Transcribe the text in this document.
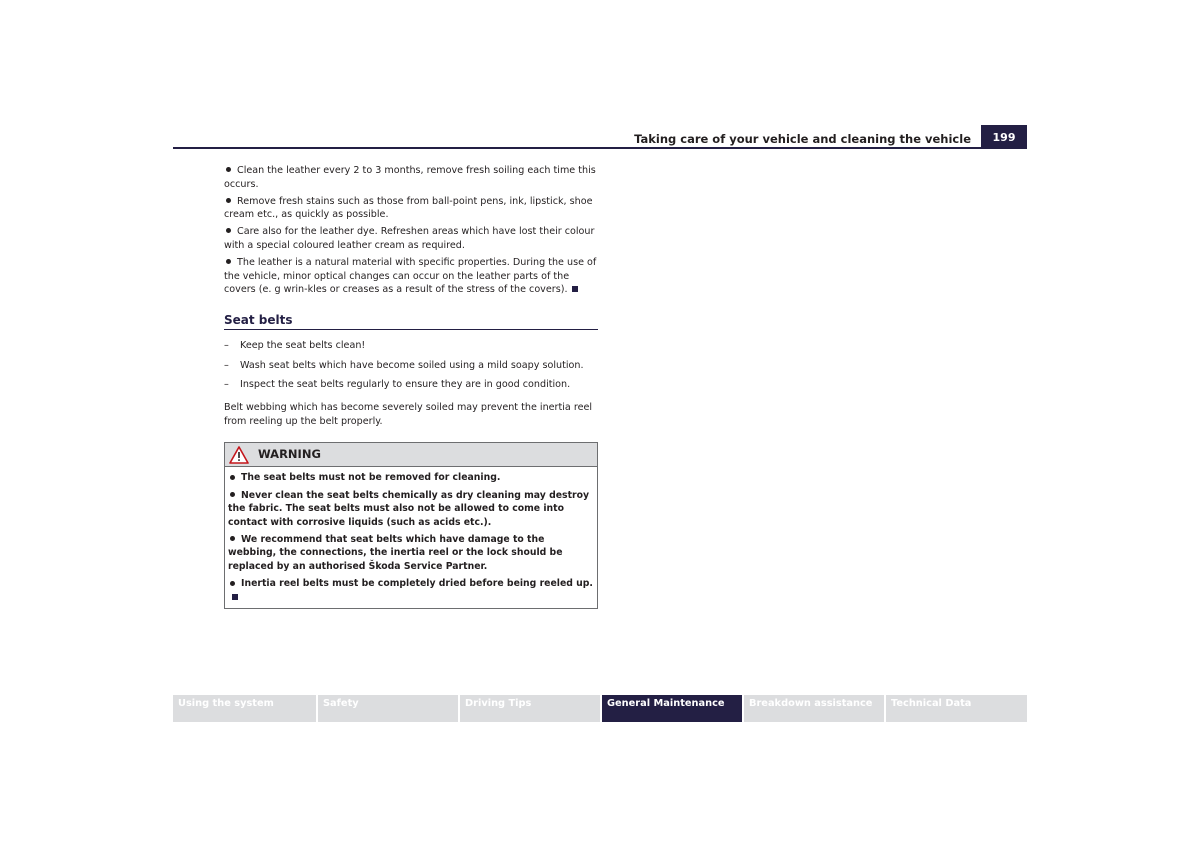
Taking care of your vehicle and cleaning the vehicle	199
Clean the leather every 2 to 3 months, remove fresh soiling each time this occurs.
Remove fresh stains such as those from ball-point pens, ink, lipstick, shoe cream etc., as quickly as possible.
Care also for the leather dye. Refreshen areas which have lost their colour with a special coloured leather cream as required.
The leather is a natural material with specific properties. During the use of the vehicle, minor optical changes can occur on the leather parts of the covers (e. g wrin-kles or creases as a result of the stress of the covers).
Seat belts
– Keep the seat belts clean!
– Wash seat belts which have become soiled using a mild soapy solution.
– Inspect the seat belts regularly to ensure they are in good condition.
Belt webbing which has become severely soiled may prevent the inertia reel from reeling up the belt properly.
WARNING
The seat belts must not be removed for cleaning.
Never clean the seat belts chemically as dry cleaning may destroy the fabric. The seat belts must also not be allowed to come into contact with corrosive liquids (such as acids etc.).
We recommend that seat belts which have damage to the webbing, the connections, the inertia reel or the lock should be replaced by an authorised Škoda Service Partner.
Inertia reel belts must be completely dried before being reeled up.
Using the system	Safety	Driving Tips	General Maintenance	Breakdown assistance	Technical Data
